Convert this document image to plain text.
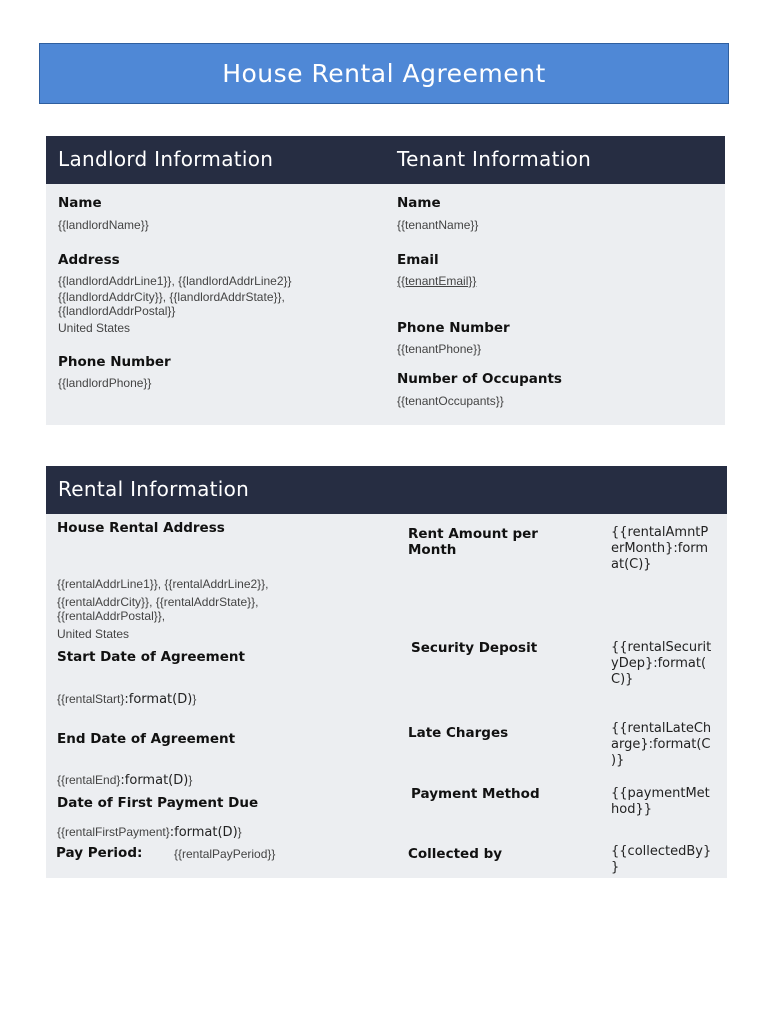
House Rental Agreement
Landlord Information	Tenant Information
Name
{{landlordName}}
Address
{{landlordAddrLine1}}, {{landlordAddrLine2}}
{{landlordAddrCity}}, {{landlordAddrState}},
{{landlordAddrPostal}}
United States
Phone Number
{{landlordPhone}}
Name
{{tenantName}}
Email
{{tenantEmail}}
Phone Number
{{tenantPhone}}
Number of Occupants
{{tenantOccupants}}
Rental Information
House Rental Address
{{rentalAddrLine1}}, {{rentalAddrLine2}},
{{rentalAddrCity}}, {{rentalAddrState}},
{{rentalAddrPostal}},
United States
Start Date of Agreement
{{rentalStart}:format(D)}
End Date of Agreement
{{rentalEnd}:format(D)}
Date of First Payment Due
{{rentalFirstPayment}:format(D)}
Pay Period:	{{rentalPayPeriod}}
Rent Amount per
Month
Security Deposit
Late Charges
Payment Method
Collected by
{{rentalAmntP
erMonth}:form
at(C)}
{{rentalSecurit
yDep}:format(
C)}
{{rentalLateCh
arge}:format(C
)}
{{paymentMet
hod}}
{{collectedBy}
}
